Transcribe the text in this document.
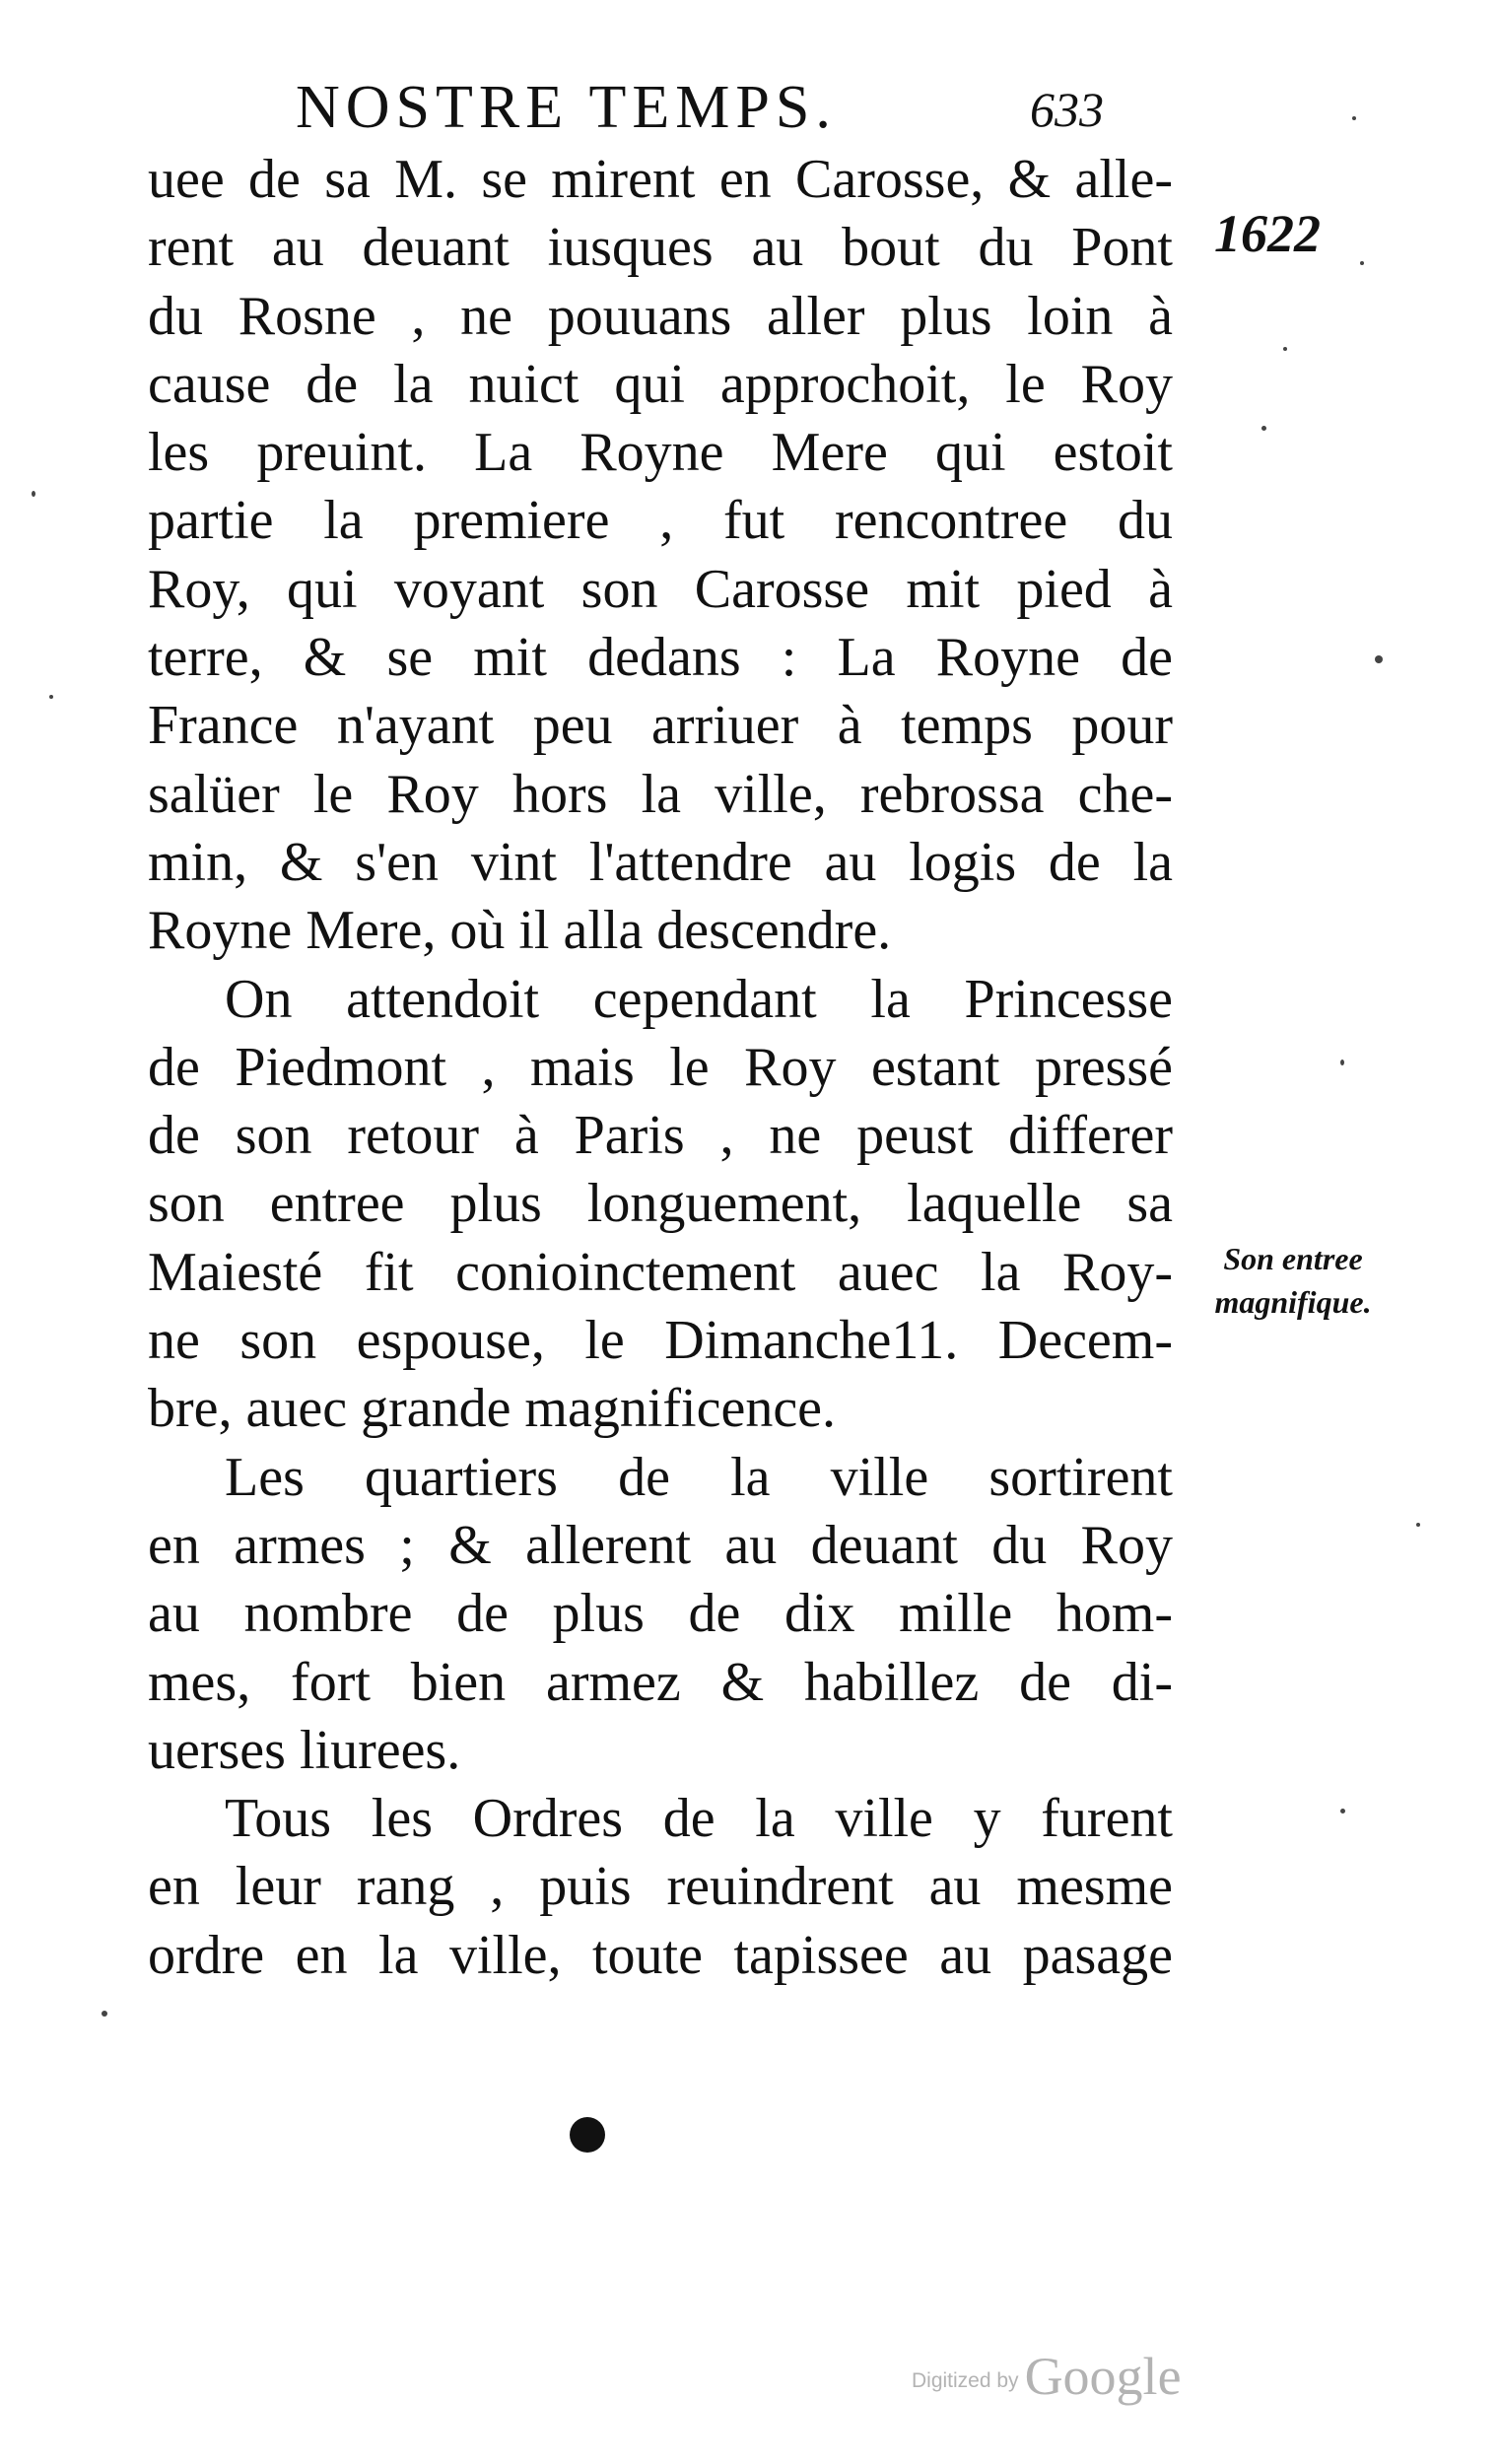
NOSTRE TEMPS.	633
1622
uee de sa M. se mirent en Carosse, & alle-
rent au deuant iusques au bout du Pont
du Rosne , ne pouuans aller plus loin à
cause de la nuict qui approchoit, le Roy
les preuint. La Royne Mere qui estoit
partie la premiere , fut rencontree du
Roy, qui voyant son Carosse mit pied à
terre, & se mit dedans : La Royne de
France n'ayant peu arriuer à temps pour
salüer le Roy hors la ville, rebrossa che-
min, & s'en vint l'attendre au logis de la
Royne Mere, où il alla descendre.
On attendoit cependant la Princesse
de Piedmont , mais le Roy estant pressé
de son retour à Paris , ne peust differer
son entree plus longuement, laquelle sa
Maiesté fit conioinctement auec la Roy-
ne son espouse, le Dimanche11. Decem-
bre, auec grande magnificence.
Les quartiers de la ville sortirent
en armes ; & allerent au deuant du Roy
au nombre de plus de dix mille hom-
mes, fort bien armez & habillez de di-
uerses liurees.
Tous les Ordres de la ville y furent
en leur rang , puis reuindrent au mesme
ordre en la ville, toute tapissee au pasage
Son entree
magnifique.
Digitized by Google
